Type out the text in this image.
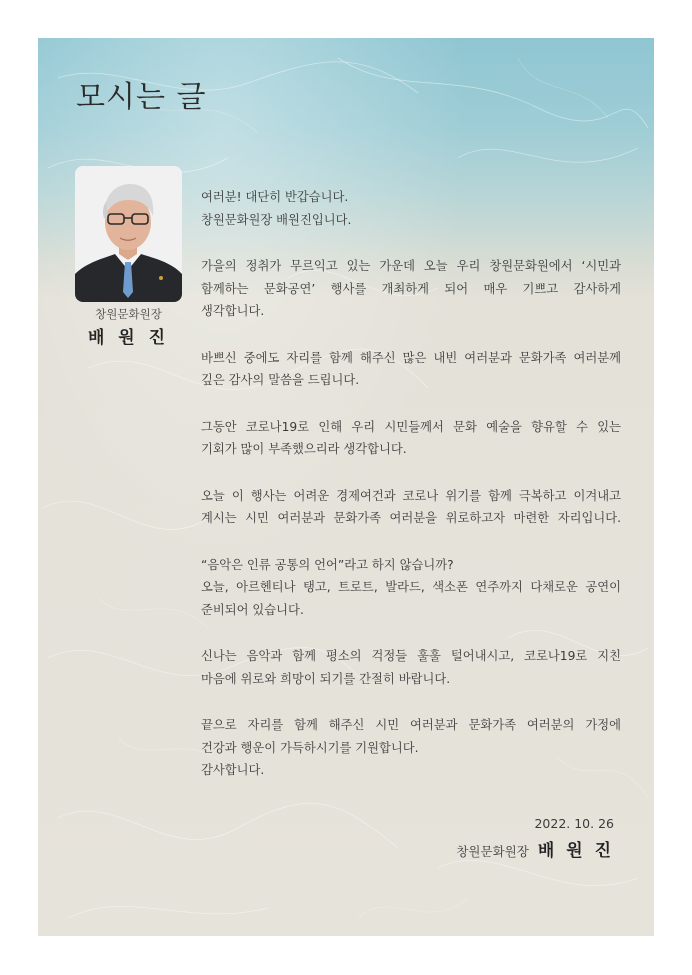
모시는 글
창원문화원장
배 원 진

여러분! 대단히 반갑습니다.
창원문화원장 배원진입니다.

가을의 정취가 무르익고 있는 가운데 오늘 우리 창원문화원에서 ‘시민과
함께하는 문화공연’ 행사를 개최하게 되어 매우 기쁘고 감사하게
생각합니다.

바쁘신 중에도 자리를 함께 해주신 많은 내빈 여러분과 문화가족 여러분께
깊은 감사의 말씀을 드립니다.

그동안 코로나19로 인해 우리 시민들께서 문화 예술을 향유할 수 있는
기회가 많이 부족했으리라 생각합니다.

오늘 이 행사는 어려운 경제여건과 코로나 위기를 함께 극복하고 이겨내고
계시는 시민 여러분과 문화가족 여러분을 위로하고자 마련한 자리입니다.

“음악은 인류 공통의 언어”라고 하지 않습니까?
오늘, 아르헨티나 탱고, 트로트, 발라드, 색소폰 연주까지 다채로운 공연이
준비되어 있습니다.

신나는 음악과 함께 평소의 걱정들 훌훌 털어내시고, 코로나19로 지친
마음에 위로와 희망이 되기를 간절히 바랍니다.

끝으로 자리를 함께 해주신 시민 여러분과 문화가족 여러분의 가정에
건강과 행운이 가득하시기를 기원합니다.
감사합니다.

2022. 10. 26
창원문화원장 배 원 진
